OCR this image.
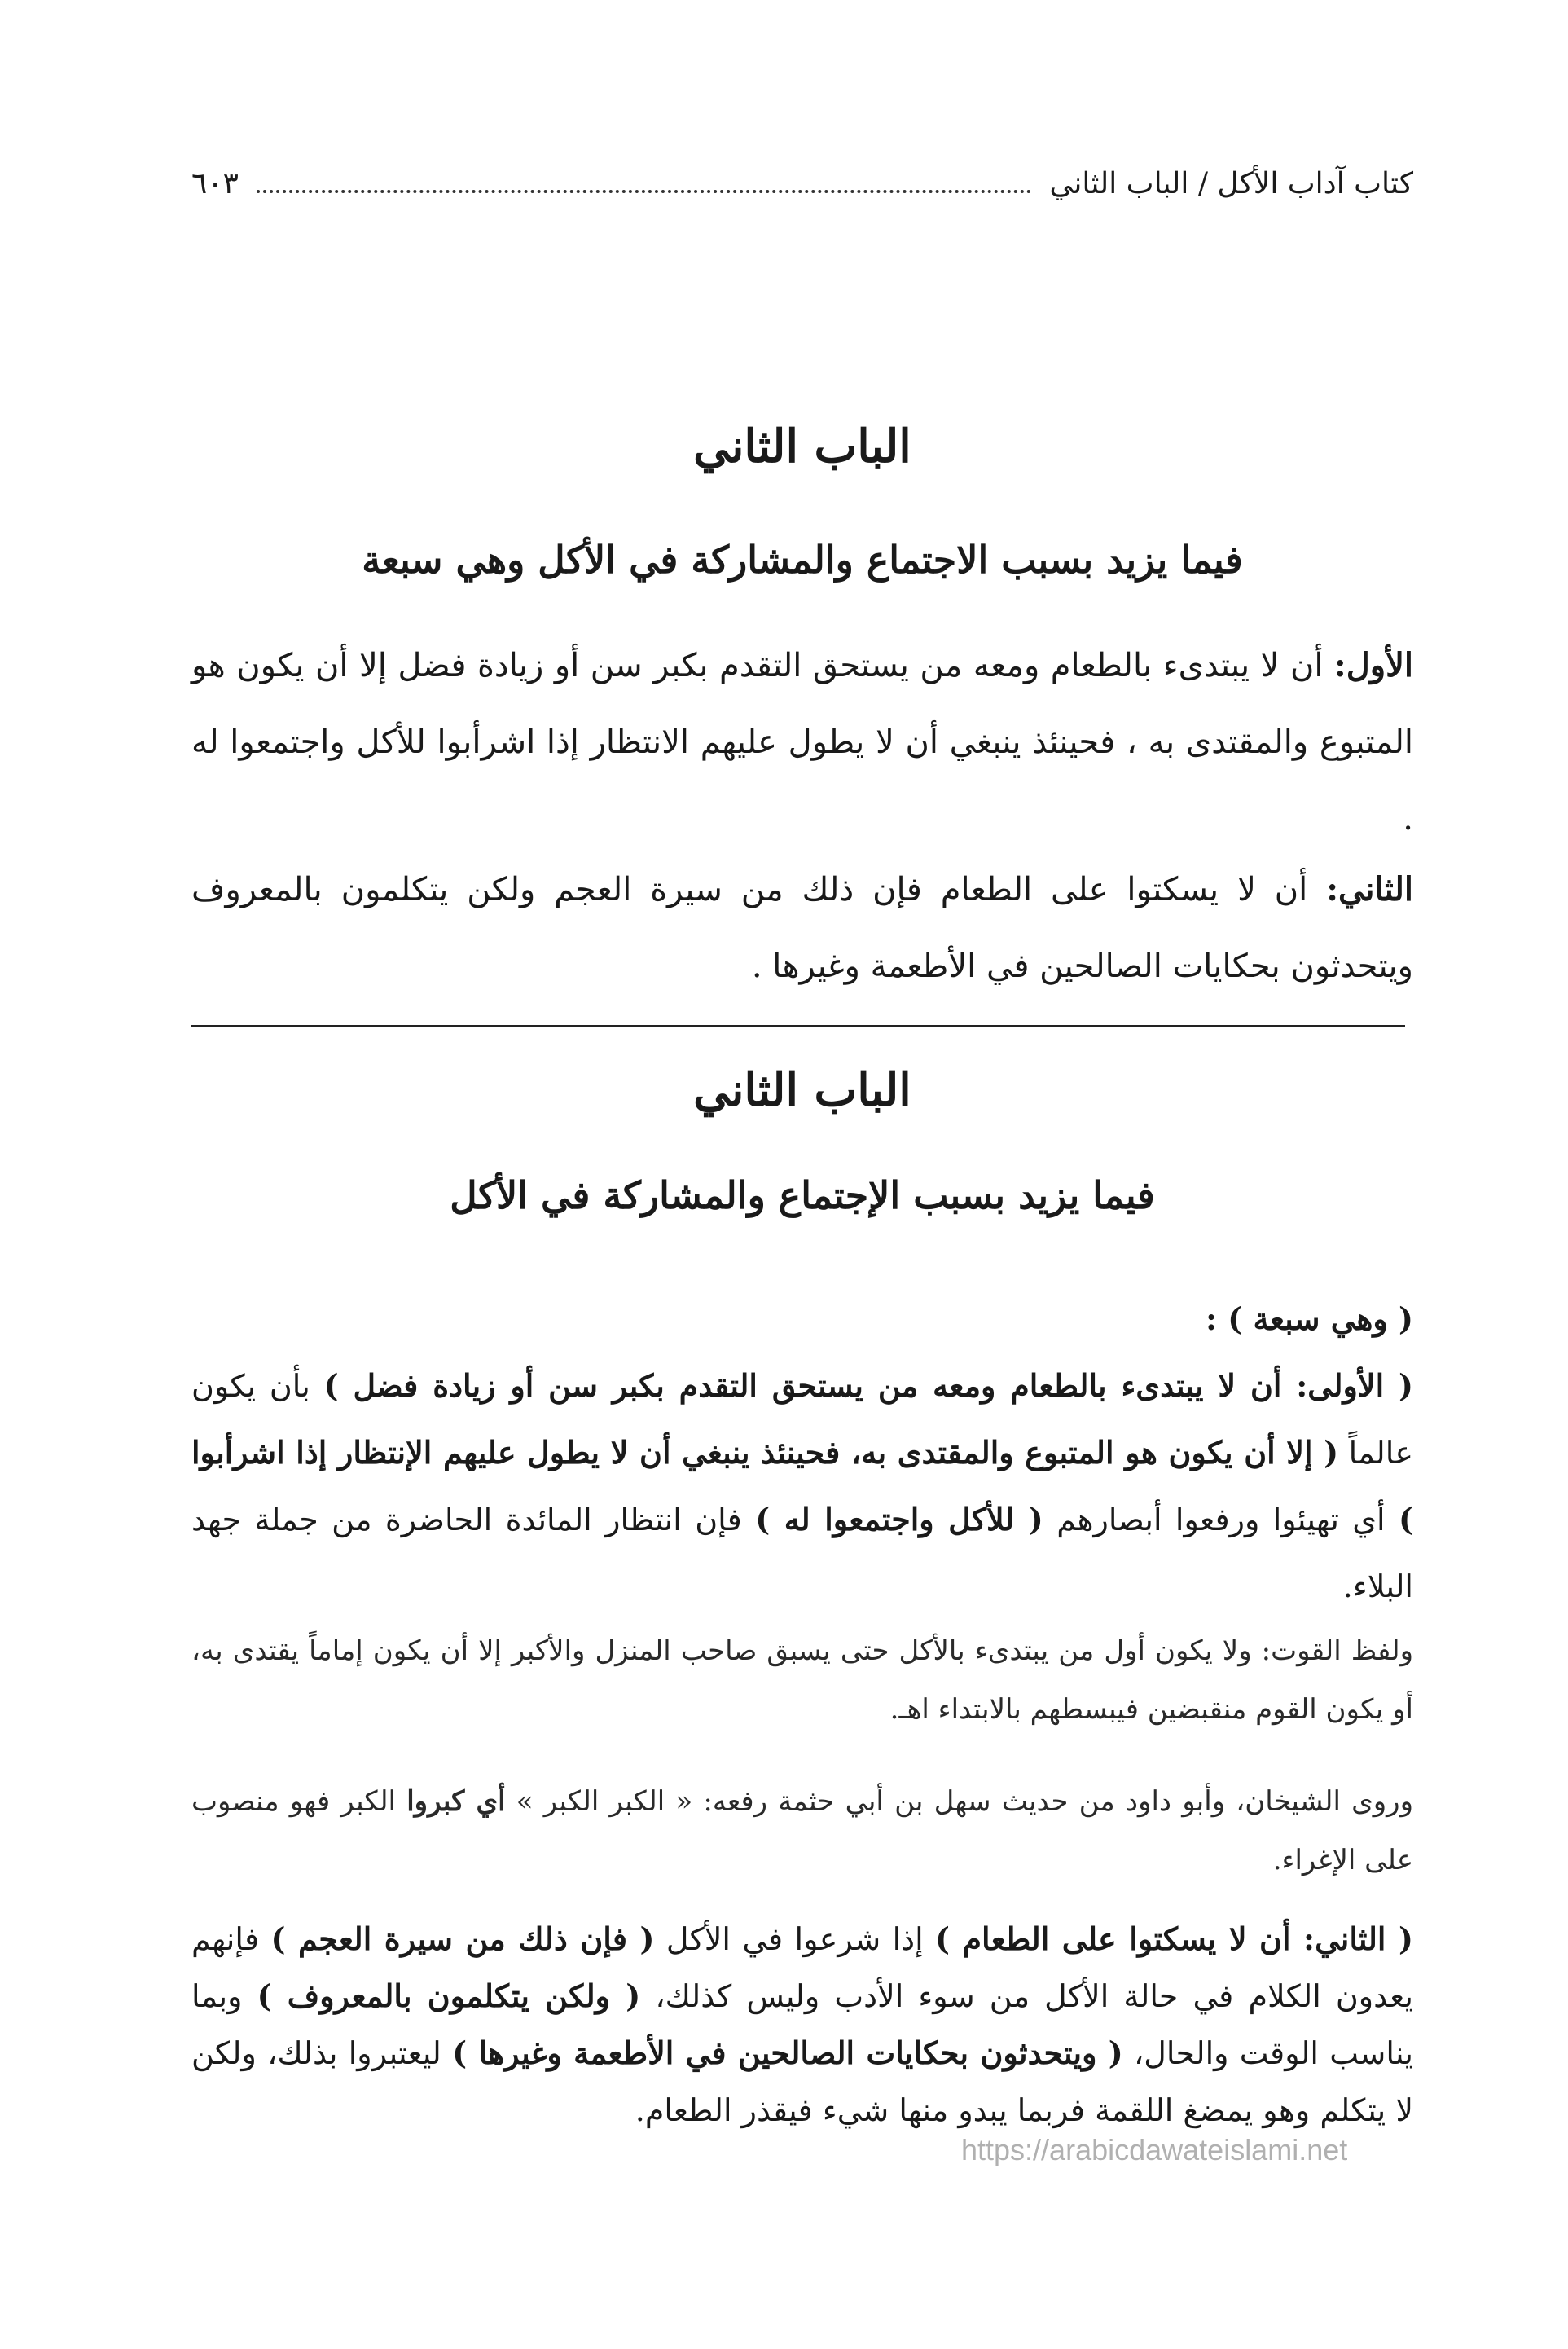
كتاب آداب الأكل / الباب الثاني
٦٠٣

الباب الثاني

فيما يزيد بسبب الاجتماع والمشاركة في الأكل وهي سبعة

الأول: أن لا يبتدىء بالطعام ومعه من يستحق التقدم بكبر سن أو زيادة فضل إلا أن يكون هو المتبوع والمقتدى به ، فحينئذ ينبغي أن لا يطول عليهم الانتظار إذا اشرأبوا للأكل واجتمعوا له .

الثاني: أن لا يسكتوا على الطعام فإن ذلك من سيرة العجم ولكن يتكلمون بالمعروف ويتحدثون بحكايات الصالحين في الأطعمة وغيرها .

الباب الثاني

فيما يزيد بسبب الإجتماع والمشاركة في الأكل

( وهي سبعة ) :

( الأولى: أن لا يبتدىء بالطعام ومعه من يستحق التقدم بكبر سن أو زيادة فضل ) بأن يكون عالماً ( إلا أن يكون هو المتبوع والمقتدى به، فحينئذ ينبغي أن لا يطول عليهم الإنتظار إذا اشرأبوا ) أي تهيئوا ورفعوا أبصارهم ( للأكل واجتمعوا له ) فإن انتظار المائدة الحاضرة من جملة جهد البلاء.

ولفظ القوت: ولا يكون أول من يبتدىء بالأكل حتى يسبق صاحب المنزل والأكبر إلا أن يكون إماماً يقتدى به، أو يكون القوم منقبضين فيبسطهم بالابتداء اهـ.

وروى الشيخان، وأبو داود من حديث سهل بن أبي حثمة رفعه: « الكبر الكبر » أي كبروا الكبر فهو منصوب على الإغراء.

( الثاني: أن لا يسكتوا على الطعام ) إذا شرعوا في الأكل ( فإن ذلك من سيرة العجم ) فإنهم يعدون الكلام في حالة الأكل من سوء الأدب وليس كذلك، ( ولكن يتكلمون بالمعروف ) وبما يناسب الوقت والحال، ( ويتحدثون بحكايات الصالحين في الأطعمة وغيرها ) ليعتبروا بذلك، ولكن لا يتكلم وهو يمضغ اللقمة فربما يبدو منها شيء فيقذر الطعام.

https://arabicdawateislami.net
